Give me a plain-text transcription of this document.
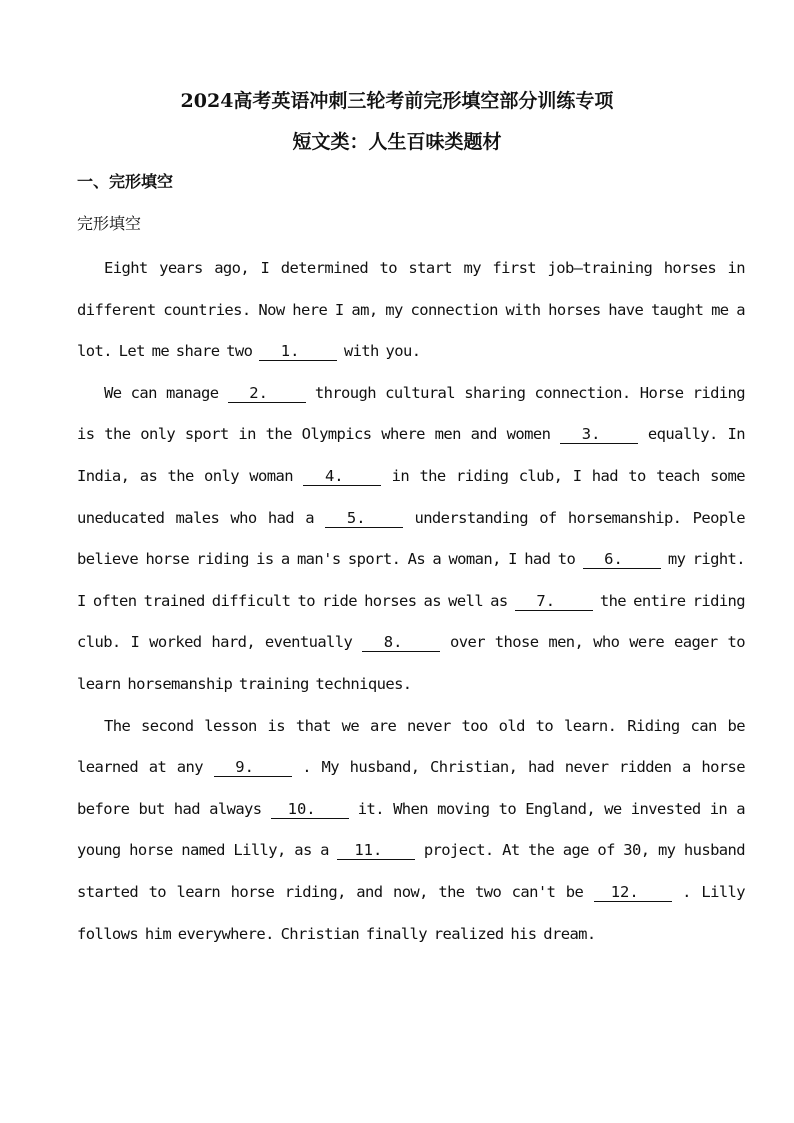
2024高考英语冲刺三轮考前完形填空部分训练专项
短文类：人生百味类题材
一、完形填空
完形填空

Eight years ago, I determined to start my first job—training horses in different countries. Now here I am, my connection with horses have taught me a lot. Let me share two 1.	with you.

We can manage 2.	through cultural sharing connection. Horse riding is the only sport in the Olympics where men and women 3.	equally. In India, as the only woman 4.	in the riding club, I had to teach some uneducated males who had a 5.	understanding of horsemanship. People believe horse riding is a man's sport. As a woman, I had to 6.	my right. I often trained difficult to ride horses as well as 7.	the entire riding club. I worked hard, eventually 8.	over those men, who were eager to learn horsemanship training techniques.

The second lesson is that we are never too old to learn. Riding can be learned at any 9.	. My husband, Christian, had never ridden a horse before but had always 10.	it. When moving to England, we invested in a young horse named Lilly, as a 11.	project. At the age of 30, my husband started to learn horse riding, and now, the two can't be 12.	. Lilly follows him everywhere. Christian finally realized his dream.
